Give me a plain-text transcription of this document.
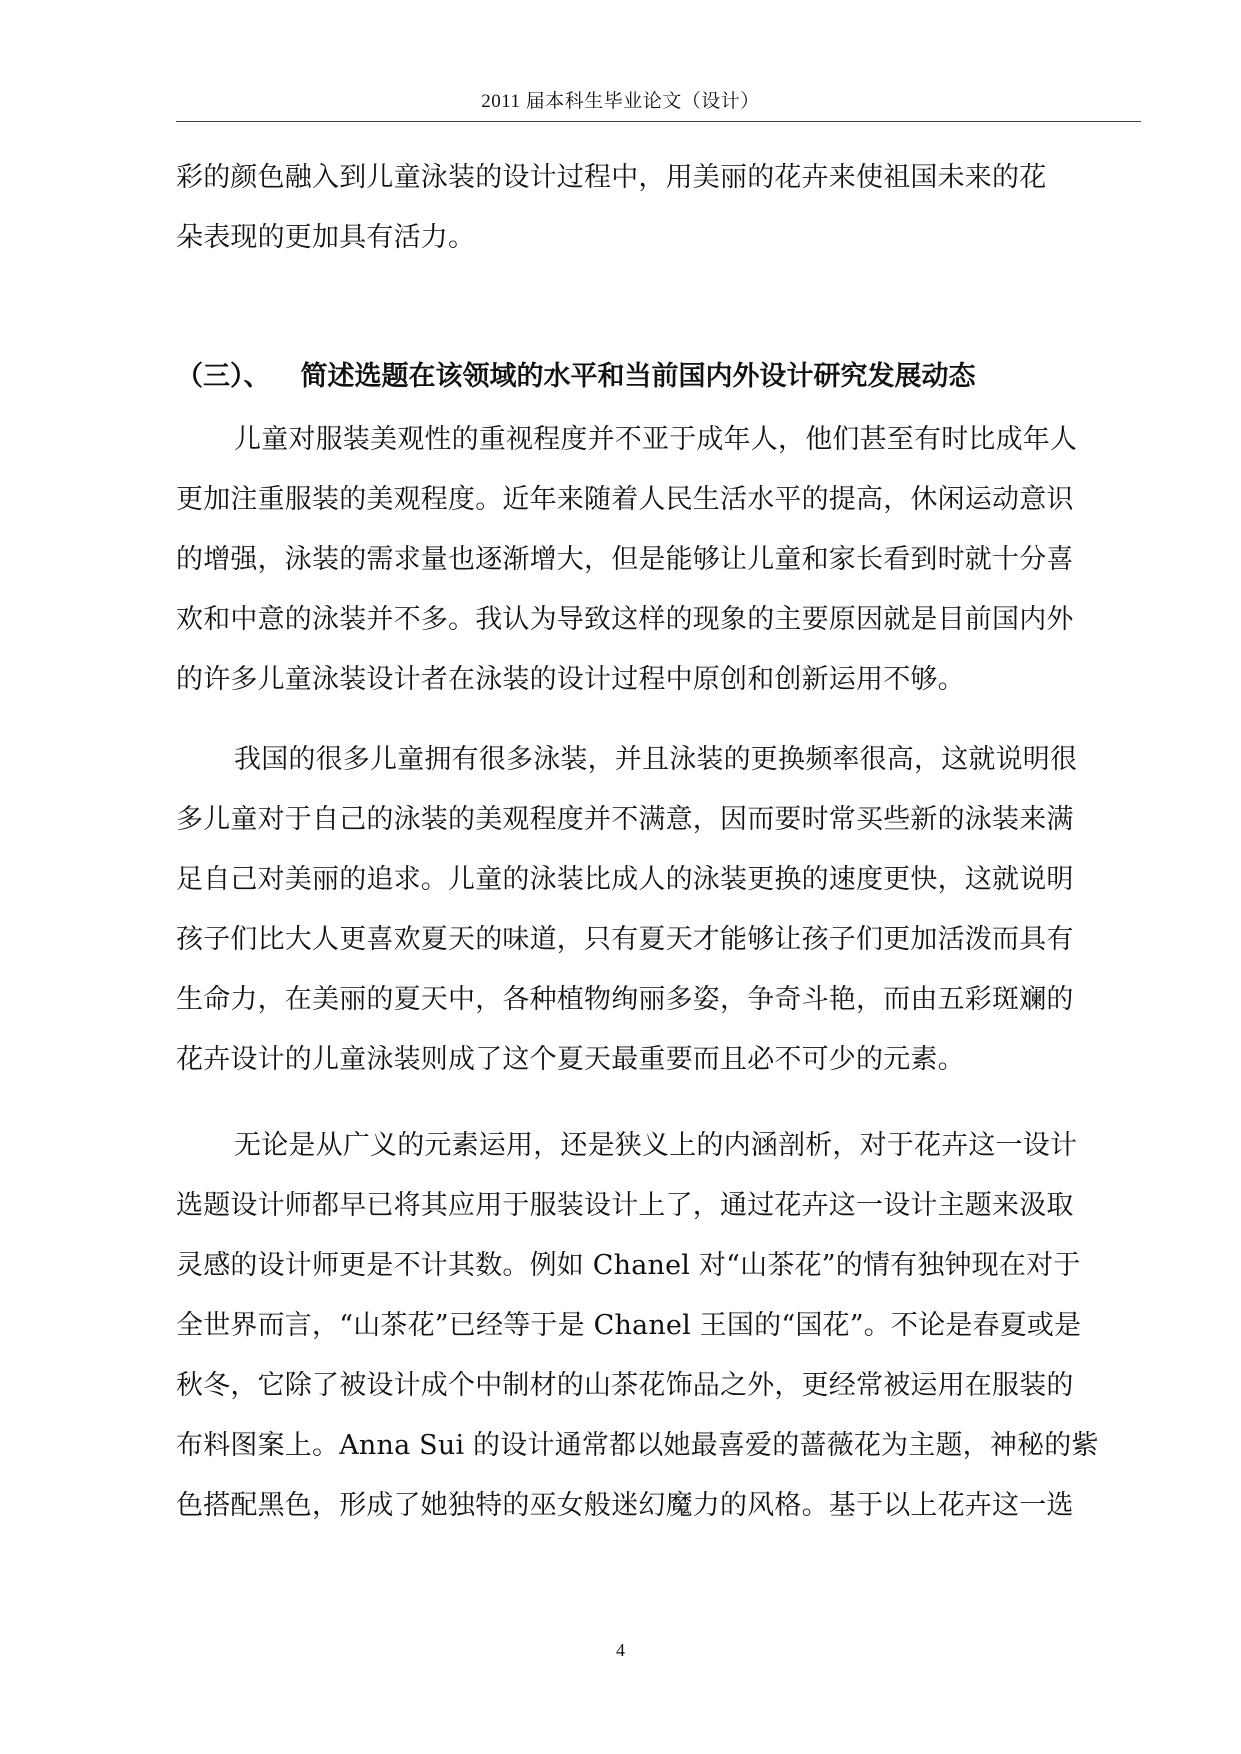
2011 届本科生毕业论文（设计）
彩的颜色融入到儿童泳装的设计过程中，用美丽的花卉来使祖国未来的花
朵表现的更加具有活力。
（三）、 简述选题在该领域的水平和当前国内外设计研究发展动态
儿童对服装美观性的重视程度并不亚于成年人，他们甚至有时比成年人
更加注重服装的美观程度。近年来随着人民生活水平的提高，休闲运动意识
的增强，泳装的需求量也逐渐增大，但是能够让儿童和家长看到时就十分喜
欢和中意的泳装并不多。我认为导致这样的现象的主要原因就是目前国内外
的许多儿童泳装设计者在泳装的设计过程中原创和创新运用不够。
我国的很多儿童拥有很多泳装，并且泳装的更换频率很高，这就说明很
多儿童对于自己的泳装的美观程度并不满意，因而要时常买些新的泳装来满
足自己对美丽的追求。儿童的泳装比成人的泳装更换的速度更快，这就说明
孩子们比大人更喜欢夏天的味道，只有夏天才能够让孩子们更加活泼而具有
生命力，在美丽的夏天中，各种植物绚丽多姿，争奇斗艳，而由五彩斑斓的
花卉设计的儿童泳装则成了这个夏天最重要而且必不可少的元素。
无论是从广义的元素运用，还是狭义上的内涵剖析，对于花卉这一设计
选题设计师都早已将其应用于服装设计上了，通过花卉这一设计主题来汲取
灵感的设计师更是不计其数。例如 Chanel 对“山茶花”的情有独钟现在对于
全世界而言，“山茶花”已经等于是 Chanel 王国的“国花”。不论是春夏或是
秋冬，它除了被设计成个中制材的山茶花饰品之外，更经常被运用在服装的
布料图案上。Anna Sui 的设计通常都以她最喜爱的蔷薇花为主题，神秘的紫
色搭配黑色，形成了她独特的巫女般迷幻魔力的风格。基于以上花卉这一选
4
